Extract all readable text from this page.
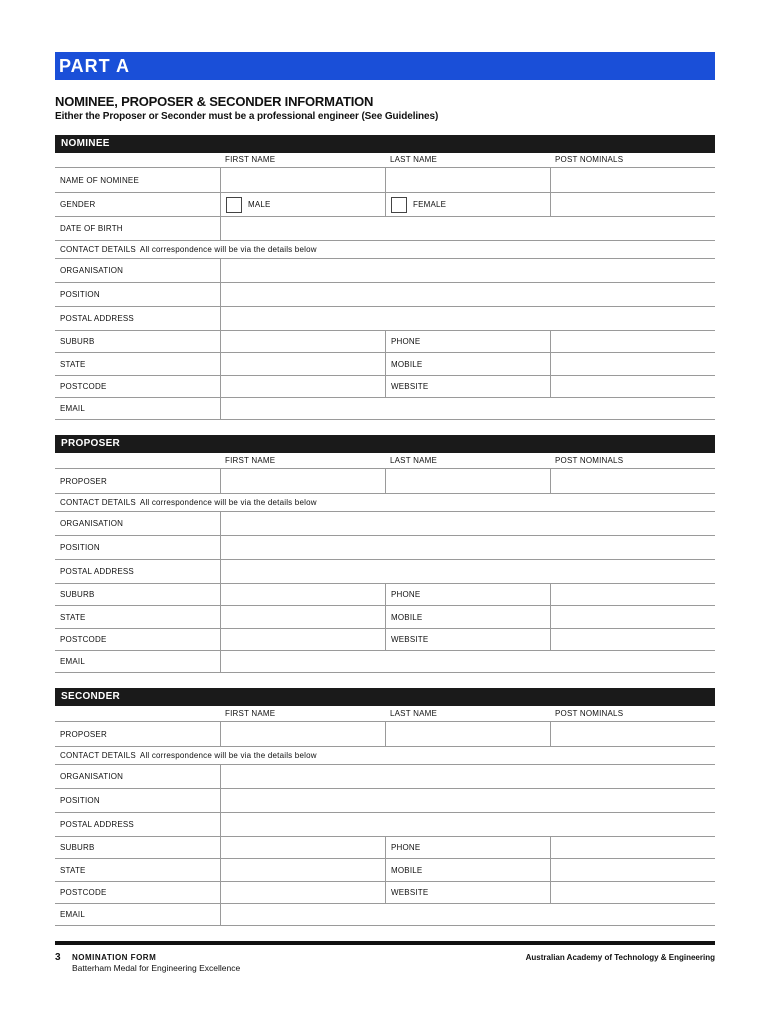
PART A
NOMINEE, PROPOSER & SECONDER INFORMATION
Either the Proposer or Seconder must be a professional engineer (See Guidelines)
NOMINEE
FIRST NAME	LAST NAME	POST NOMINALS
NAME OF NOMINEE
GENDER	MALE	FEMALE
DATE OF BIRTH
CONTACT DETAILS All correspondence will be via the details below
ORGANISATION
POSITION
POSTAL ADDRESS
SUBURB	PHONE
STATE	MOBILE
POSTCODE	WEBSITE
EMAIL
PROPOSER
FIRST NAME	LAST NAME	POST NOMINALS
PROPOSER
CONTACT DETAILS All correspondence will be via the details below
ORGANISATION
POSITION
POSTAL ADDRESS
SUBURB	PHONE
STATE	MOBILE
POSTCODE	WEBSITE
EMAIL
SECONDER
FIRST NAME	LAST NAME	POST NOMINALS
PROPOSER
CONTACT DETAILS All correspondence will be via the details below
ORGANISATION
POSITION
POSTAL ADDRESS
SUBURB	PHONE
STATE	MOBILE
POSTCODE	WEBSITE
EMAIL
3 NOMINATION FORM
Batterham Medal for Engineering Excellence
Australian Academy of Technology & Engineering
